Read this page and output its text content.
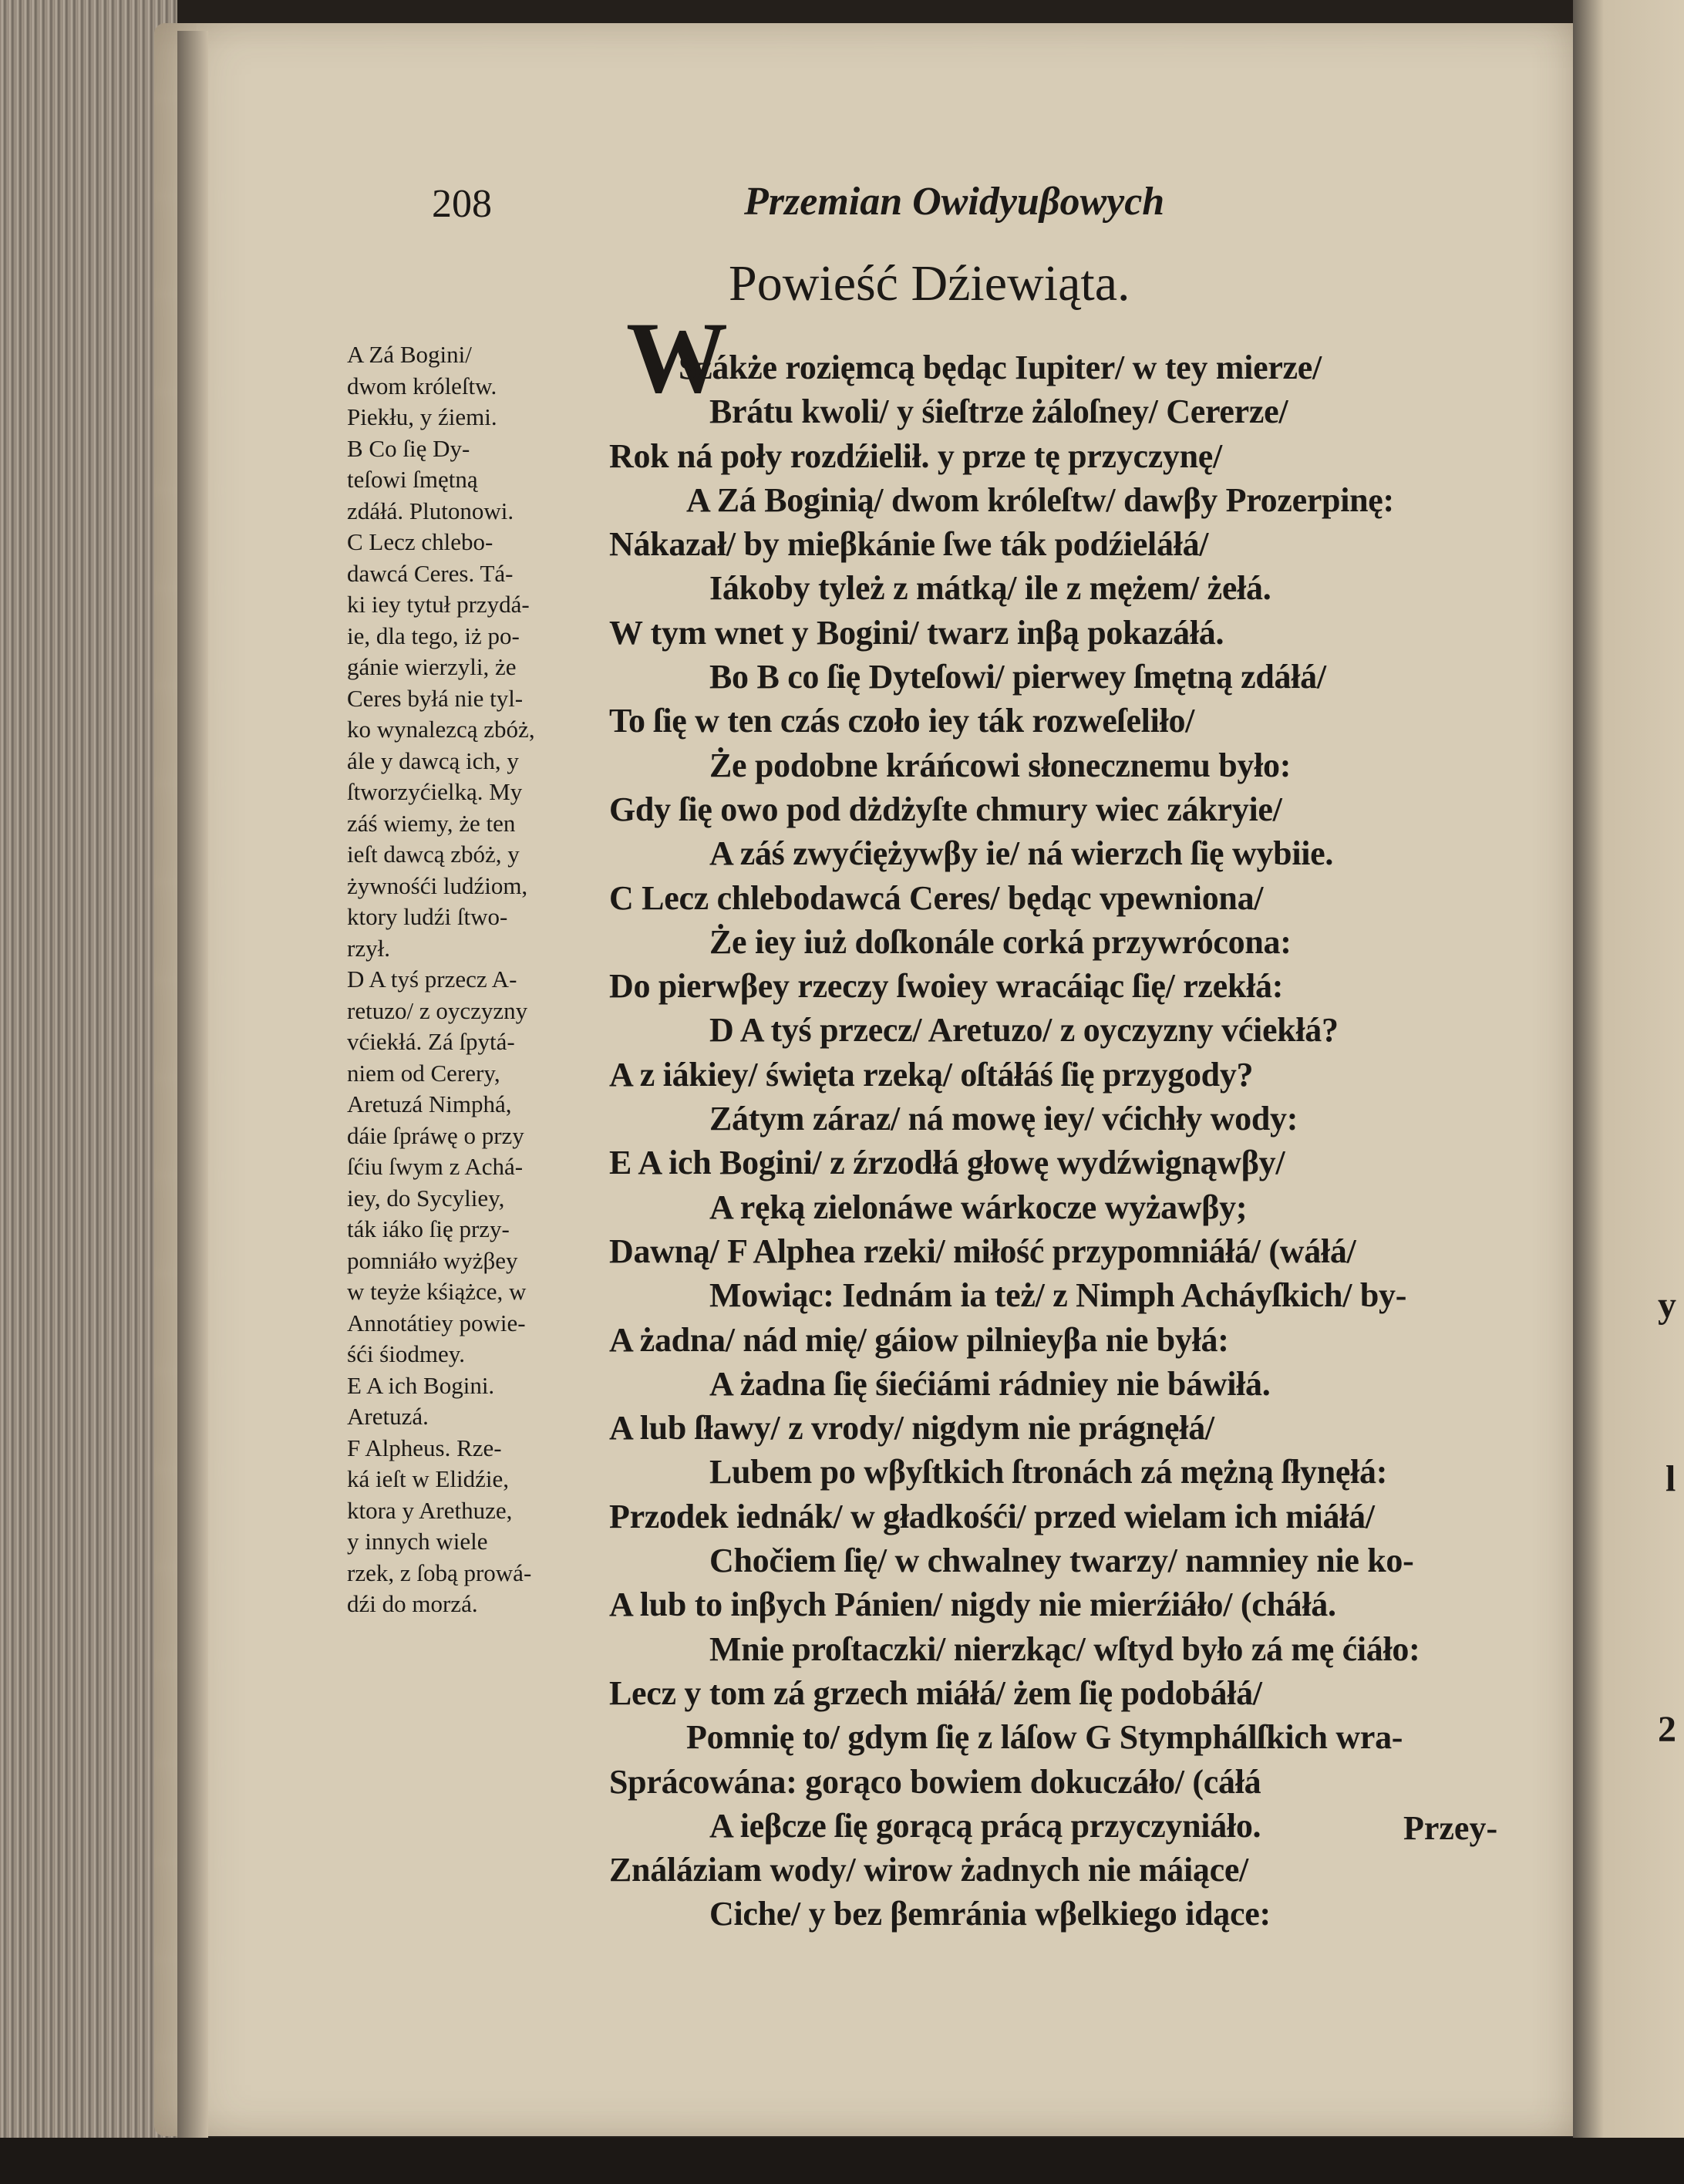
y
l
2
208	Przemian Owidyuβowych
Powieść Dźiewiąta.
W
A Zá Bogini/
dwom króleſtw.
Piekłu, y źiemi.
B Co ſię Dy-
teſowi ſmętną
zdáłá. Plutonowi.
C Lecz chlebo-
dawcá Ceres. Tá-
ki iey tytuł przydá-
ie, dla tego, iż po-
gánie wierzyli, że
Ceres byłá nie tyl-
ko wynalezcą zbóż,
ále y dawcą ich, y
ſtworzyćielką. My
záś wiemy, że ten
ieſt dawcą zbóż, y
żywnośći ludźiom,
ktory ludźi ſtwo-
rzył.
D A tyś przecz A-
retuzo/ z oyczyzny
vćiekłá. Zá ſpytá-
niem od Cerery,
Aretuzá Nimphá,
dáie ſpráwę o przy
ſćiu ſwym z Achá-
iey, do Sycyliey,
ták iáko ſię przy-
pomniáło wyżβey
w teyże kśiążce, w
Annotátiey powie-
śći śiodmey.
E A ich Bogini.
Aretuzá.
F Alpheus. Rze-
ká ieſt w Elidźie,
ktora y Arethuze,
y innych wiele
rzek, z ſobą prowá-
dźi do morzá.
Szákże rozięmcą będąc Iupiter/ w tey mierze/
Brátu kwoli/ y śieſtrze żáloſney/ Cererze/
Rok ná poły rozdźielił. y prze tę przyczynę/
A Zá Boginią/ dwom króleſtw/ dawβy Prozerpinę:
Nákazał/ by mieβkánie ſwe ták podźieláłá/
Iákoby tyleż z mátką/ ile z mężem/ żełá.
W tym wnet y Bogini/ twarz inβą pokazáłá.
Bo B co ſię Dyteſowi/ pierwey ſmętną zdáłá/
To ſię w ten czás czoło iey ták rozweſeliło/
Że podobne kráńcowi słonecznemu było:
Gdy ſię owo pod dżdżyſte chmury wiec zákryie/
A záś zwyćiężywβy ie/ ná wierzch ſię wybiie.
C Lecz chlebodawcá Ceres/ będąc vpewniona/
Że iey iuż doſkonále corká przywrócona:
Do pierwβey rzeczy ſwoiey wracáiąc ſię/ rzekłá:
D A tyś przecz/ Aretuzo/ z oyczyzny vćiekłá?
A z iákiey/ święta rzeką/ oſtáłáś ſię przygody?
Zátym záraz/ ná mowę iey/ vćichły wody:
E A ich Bogini/ z źrzodłá głowę wydźwignąwβy/
A ręką zielonáwe wárkocze wyżawβy;
Dawną/ F Alphea rzeki/ miłość przypomniáłá/ (wáłá/
Mowiąc: Iednám ia też/ z Nimph Acháyſkich/ by-
A żadna/ nád mię/ gáiow pilnieyβa nie byłá:
A żadna ſię śiećiámi rádniey nie báwiłá.
A lub ſławy/ z vrody/ nigdym nie prágnęłá/
Lubem po wβyſtkich ſtronách zá mężną ſłynęłá:
Przodek iednák/ w gładkośći/ przed wielam ich miáłá/
Chočiem ſię/ w chwalney twarzy/ namniey nie ko-
A lub to inβych Pánien/ nigdy nie mierźiáło/ (cháłá.
Mnie proſtaczki/ nierzkąc/ wſtyd było zá mę ćiáło:
Lecz y tom zá grzech miáłá/ żem ſię podobáłá/
Pomnię to/ gdym ſię z láſow G Stymphálſkich wra-
Sprácowána: gorąco bowiem dokuczáło/ (cáłá
A ieβcze ſię gorącą prácą przyczyniáło.
Ználáziam wody/ wirow żadnych nie máiące/
Ciche/ y bez βemránia wβelkiego idące:
Przey-
